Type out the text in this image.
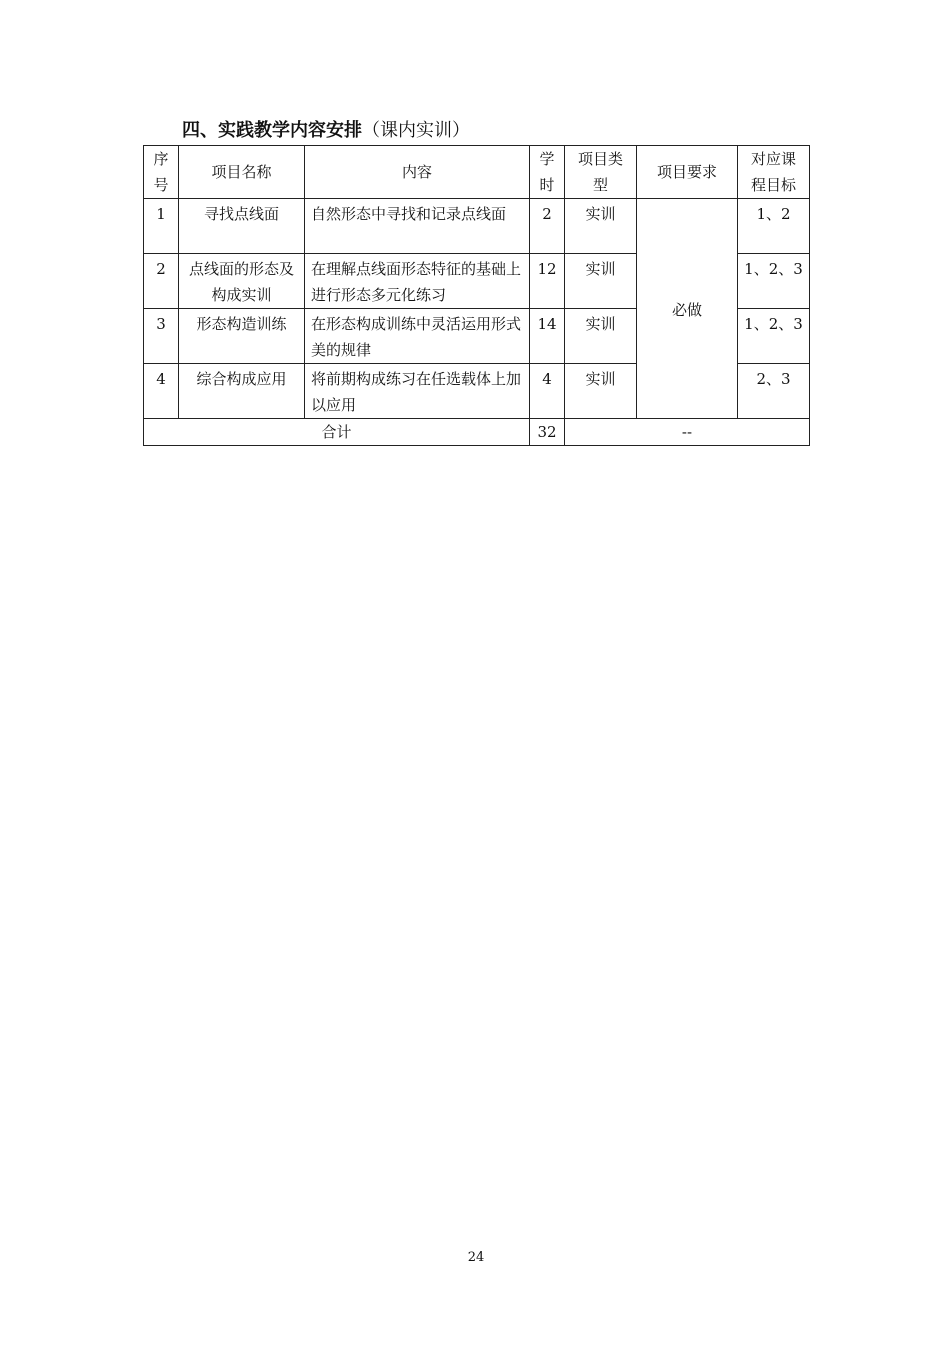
四、实践教学内容安排（课内实训）
序号	项目名称	内容	学时	项目类型	项目要求	对应课程目标
1	寻找点线面	自然形态中寻找和记录点线面	2	实训	必做	1、2
2	点线面的形态及构成实训	在理解点线面形态特征的基础上进行形态多元化练习	12	实训		1、2、3
3	形态构造训练	在形态构成训练中灵活运用形式美的规律	14	实训		1、2、3
4	综合构成应用	将前期构成练习在任选载体上加以应用	4	实训		2、3
合计			32	--		
24
